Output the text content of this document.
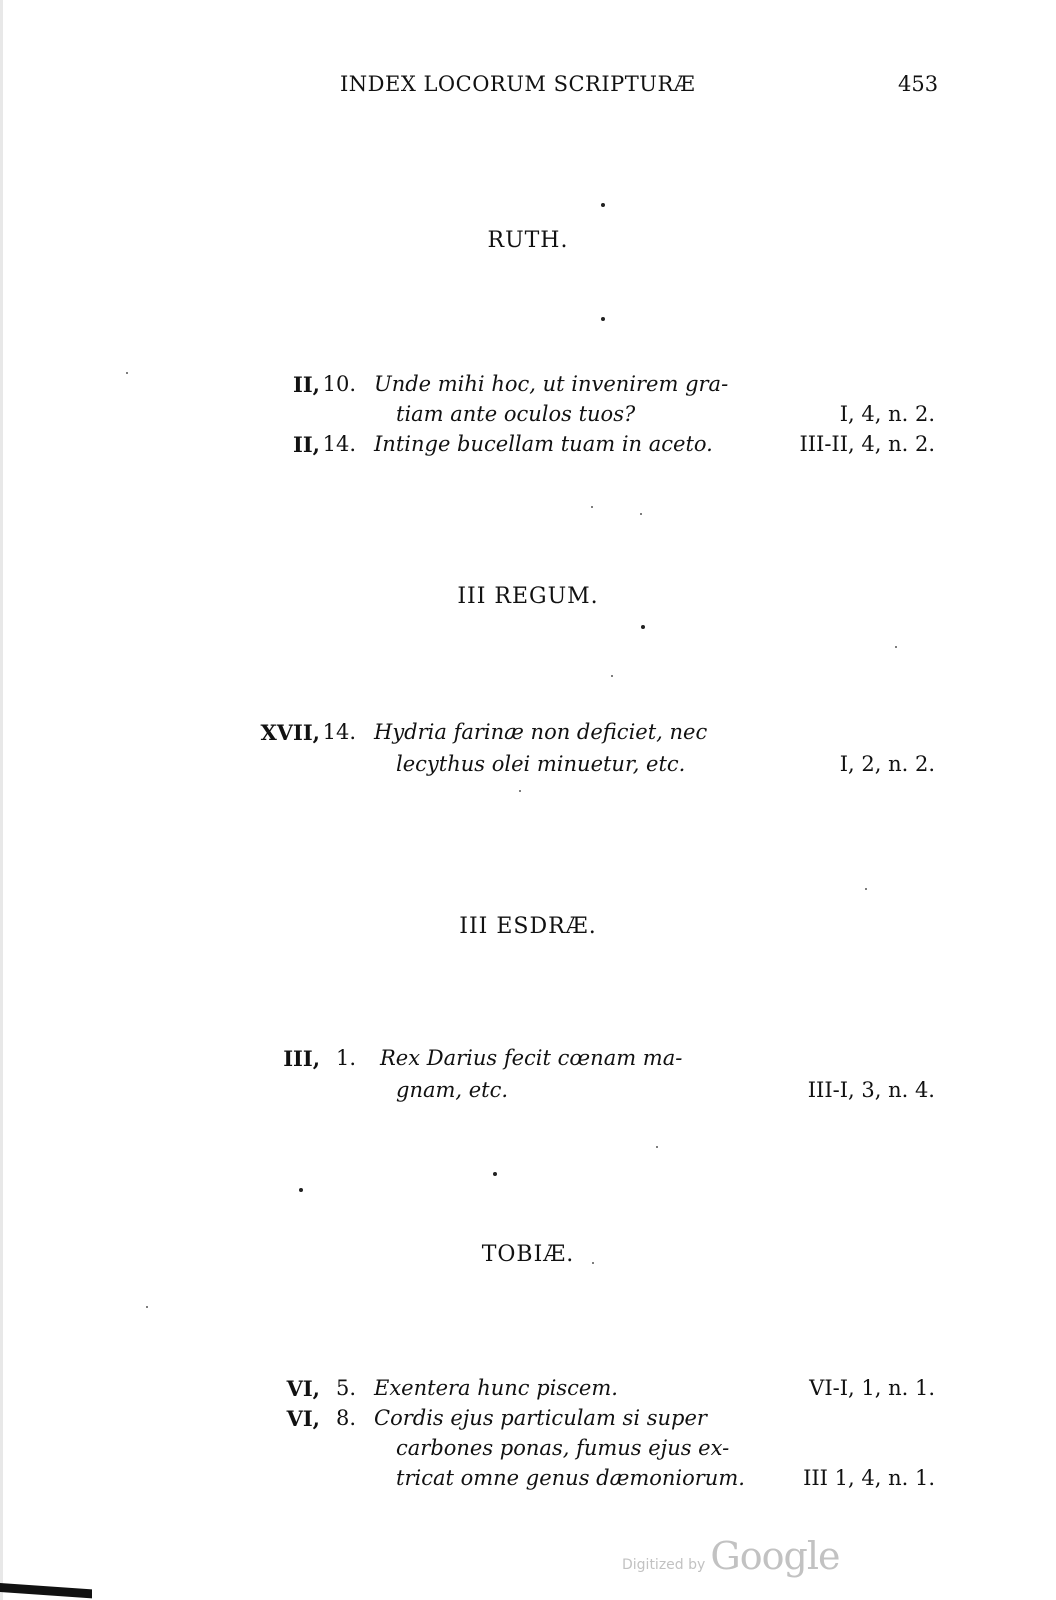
INDEX LOCORUM SCRIPTURÆ	453
RUTH.
II, 10. Unde mihi hoc, ut invenirem gra-
tiam ante oculos tuos?	I, 4, n. 2.
II, 14. Intinge bucellam tuam in aceto.	III-II, 4, n. 2.
III REGUM.
XVII, 14. Hydria farinæ non deficiet, nec
lecythus olei minuetur, etc.	I, 2, n. 2.
III ESDRÆ.
III, 1. Rex Darius fecit cœnam ma-
gnam, etc.	III-I, 3, n. 4.
TOBIÆ.
VI, 5. Exentera hunc piscem.	VI-I, 1, n. 1.
VI, 8. Cordis ejus particulam si super
carbones ponas, fumus ejus ex-
tricat omne genus dæmoniorum.	III 1, 4, n. 1.
Digitized by Google
